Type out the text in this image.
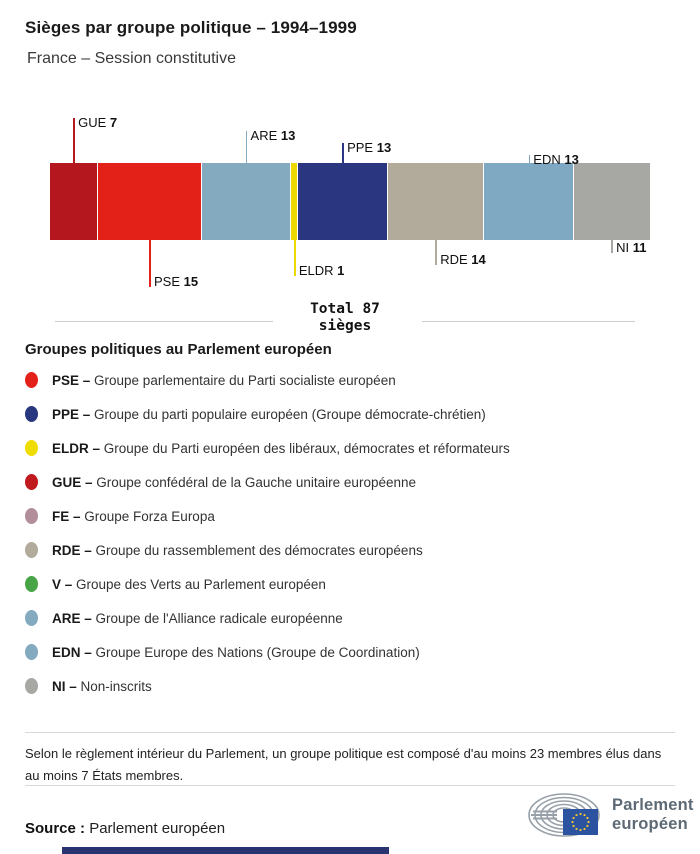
Sièges par groupe politique – 1994–1999
France – Session constitutive
GUE 7
PSE 15
ARE 13
ELDR 1
PPE 13
RDE 14
EDN 13
NI 11
Total 87
sièges
Groupes politiques au Parlement européen
PSE – Groupe parlementaire du Parti socialiste européen
PPE – Groupe du parti populaire européen (Groupe démocrate-chrétien)
ELDR – Groupe du Parti européen des libéraux, démocrates et réformateurs
GUE – Groupe confédéral de la Gauche unitaire européenne
FE – Groupe Forza Europa
RDE – Groupe du rassemblement des démocrates européens
V – Groupe des Verts au Parlement européen
ARE – Groupe de l'Alliance radicale européenne
EDN – Groupe Europe des Nations (Groupe de Coordination)
NI – Non-inscrits
Selon le règlement intérieur du Parlement, un groupe politique est composé d'au moins 23 membres élus dans au moins 7 États membres.
Source : Parlement européen
Parlement
européen
